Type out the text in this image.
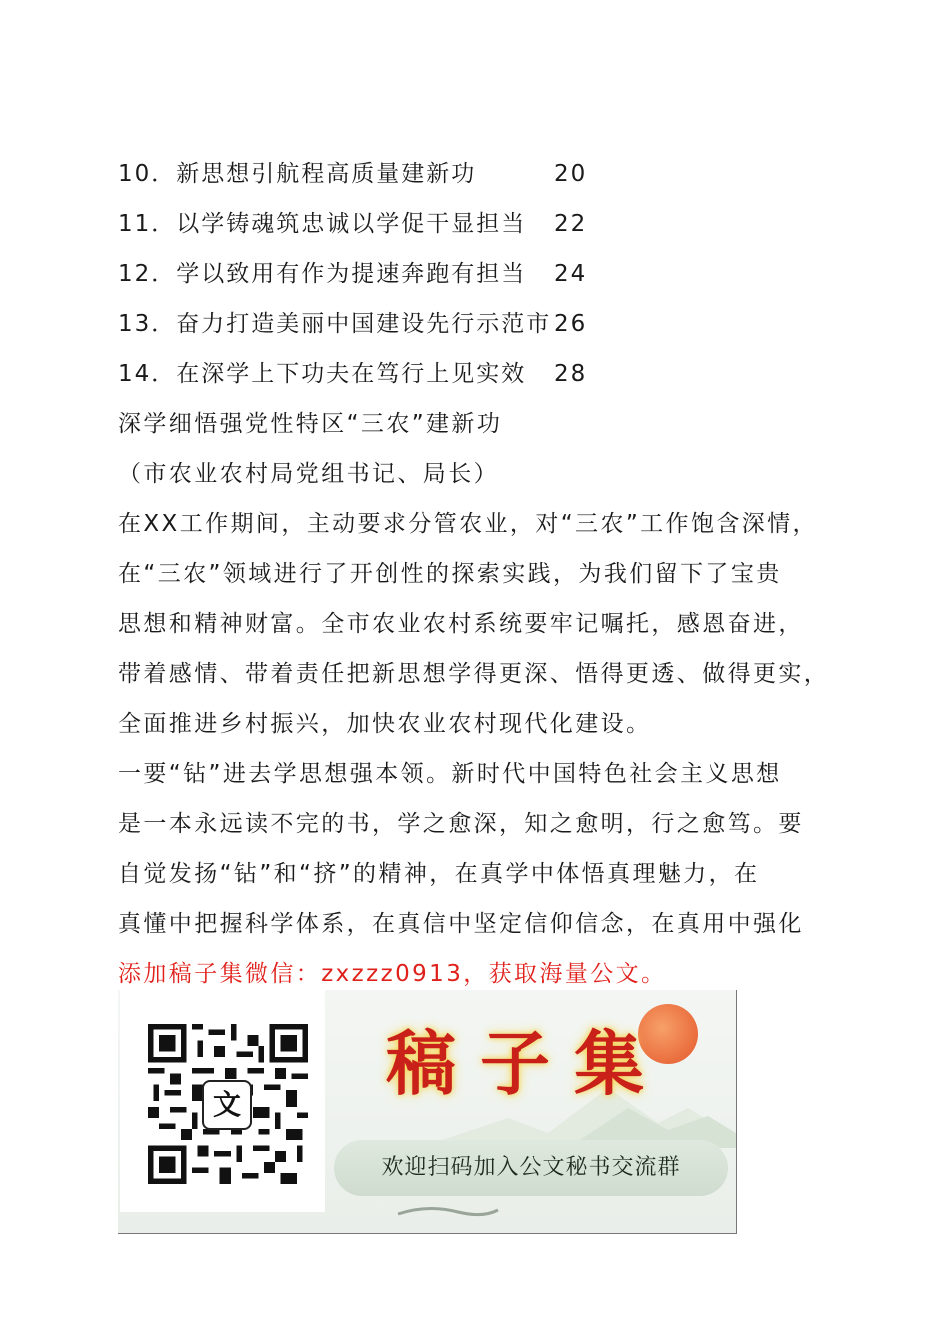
10．新思想引航程高质量建新功	20
11．以学铸魂筑忠诚以学促干显担当	22
12．学以致用有作为提速奔跑有担当	24
13．奋力打造美丽中国建设先行示范市 26
14．在深学上下功夫在笃行上见实效	28
深学细悟强党性特区“三农”建新功
（市农业农村局党组书记、局长）
在XX工作期间，主动要求分管农业，对“三农”工作饱含深情，
在“三农”领域进行了开创性的探索实践，为我们留下了宝贵
思想和精神财富。全市农业农村系统要牢记嘱托，感恩奋进，
带着感情、带着责任把新思想学得更深、悟得更透、做得更实，
全面推进乡村振兴，加快农业农村现代化建设。
一要“钻”进去学思想强本领。新时代中国特色社会主义思想
是一本永远读不完的书，学之愈深，知之愈明，行之愈笃。要
自觉发扬“钻”和“挤”的精神，在真学中体悟真理魅力，在
真懂中把握科学体系，在真信中坚定信仰信念，在真用中强化
添加稿子集微信：zxzzz0913，获取海量公文。
文 稿子集
欢迎扫码加入公文秘书交流群
